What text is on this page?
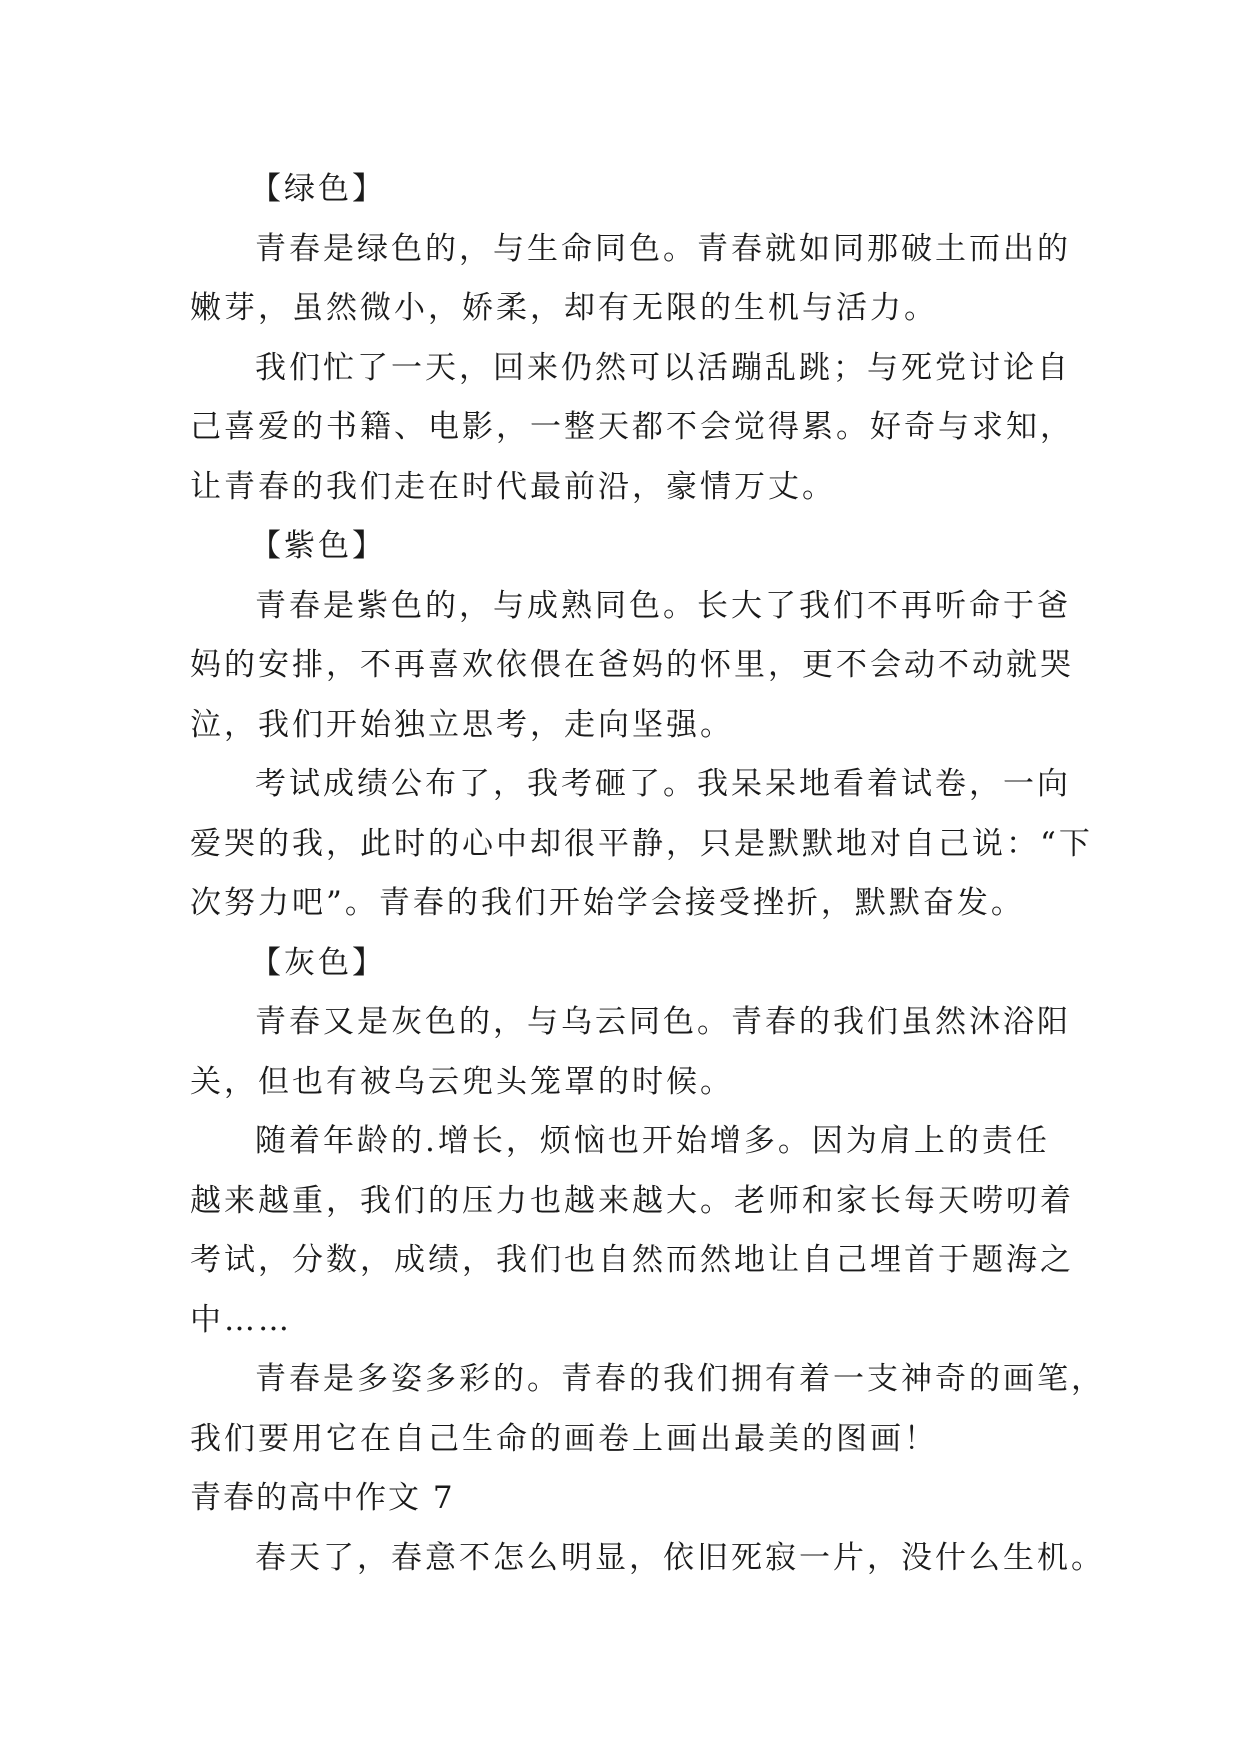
【绿色】
青春是绿色的，与生命同色。青春就如同那破土而出的
嫩芽，虽然微小，娇柔，却有无限的生机与活力。
我们忙了一天，回来仍然可以活蹦乱跳；与死党讨论自
己喜爱的书籍、电影，一整天都不会觉得累。好奇与求知，
让青春的我们走在时代最前沿，豪情万丈。
【紫色】
青春是紫色的，与成熟同色。长大了我们不再听命于爸
妈的安排，不再喜欢依偎在爸妈的怀里，更不会动不动就哭
泣，我们开始独立思考，走向坚强。
考试成绩公布了，我考砸了。我呆呆地看着试卷，一向
爱哭的我，此时的心中却很平静，只是默默地对自己说：“下
次努力吧”。青春的我们开始学会接受挫折，默默奋发。
【灰色】
青春又是灰色的，与乌云同色。青春的我们虽然沐浴阳
关，但也有被乌云兜头笼罩的时候。
随着年龄的.增长，烦恼也开始增多。因为肩上的责任
越来越重，我们的压力也越来越大。老师和家长每天唠叨着
考试，分数，成绩，我们也自然而然地让自己埋首于题海之
中……
青春是多姿多彩的。青春的我们拥有着一支神奇的画笔，
我们要用它在自己生命的画卷上画出最美的图画！
青春的高中作文 7
春天了，春意不怎么明显，依旧死寂一片，没什么生机。
